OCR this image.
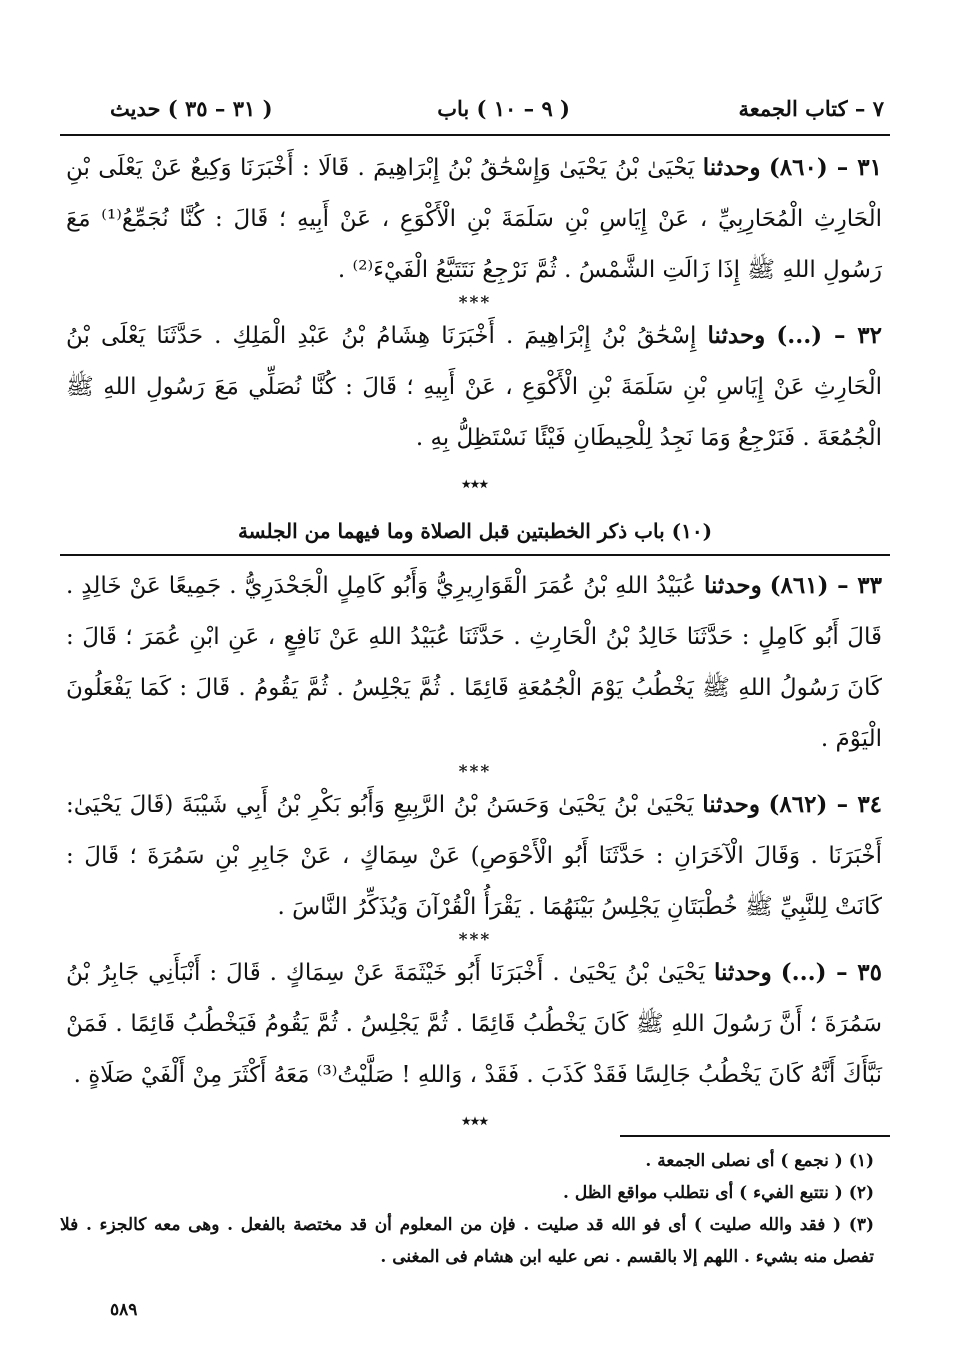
٧ – كتاب الجمعة
( ٩ – ١٠ ) باب
( ٣١ – ٣٥ ) حديث

٣١ – (٨٦٠) وحدثنا يَحْيَىٰ بْنُ يَحْيَىٰ وَإِسْحَٰقُ بْنُ إِبْرَاهِيمَ . قَالَا : أَخْبَرَنَا وَكِيعٌ عَنْ يَعْلَى بْنِ الْحَارِثِ الْمُحَارِبِيِّ ، عَنْ إِيَاسِ بْنِ سَلَمَةَ بْنِ الْأَكْوَعِ ، عَنْ أَبِيهِ ؛ قَالَ : كُنَّا نُجَمِّعُ⁽¹⁾ مَعَ رَسُولِ اللهِ ﷺ إِذَا زَالَتِ الشَّمْسُ . ثُمَّ نَرْجِعُ نَتَتَبَّعُ الْفَيْءَ⁽²⁾ .

***

٣٢ – (...) وحدثنا إِسْحَٰقُ بْنُ إِبْرَاهِيمَ . أَخْبَرَنَا هِشَامُ بْنُ عَبْدِ الْمَلِكِ . حَدَّثَنَا يَعْلَى بْنُ الْحَارِثِ عَنْ إِيَاسِ بْنِ سَلَمَةَ بْنِ الْأَكْوَعِ ، عَنْ أَبِيهِ ؛ قَالَ : كُنَّا نُصَلِّي مَعَ رَسُولِ اللهِ ﷺ الْجُمُعَةَ . فَنَرْجِعُ وَمَا نَجِدُ لِلْحِيطَانِ فَيْئًا نَسْتَظِلُّ بِهِ .

٭٭٭
(١٠) باب ذكر الخطبتين قبل الصلاة وما فيهما من الجلسة

٣٣ – (٨٦١) وحدثنا عُبَيْدُ اللهِ بْنُ عُمَرَ الْقَوَارِيرِيُّ وَأَبُو كَامِلٍ الْجَحْدَرِيُّ . جَمِيعًا عَنْ خَالِدٍ . قَالَ أَبُو كَامِلٍ : حَدَّثَنَا خَالِدُ بْنُ الْحَارِثِ . حَدَّثَنَا عُبَيْدُ اللهِ عَنْ نَافِعٍ ، عَنِ ابْنِ عُمَرَ ؛ قَالَ : كَانَ رَسُولُ اللهِ ﷺ يَخْطُبُ يَوْمَ الْجُمُعَةِ قَائِمًا . ثُمَّ يَجْلِسُ . ثُمَّ يَقُومُ . قَالَ : كَمَا يَفْعَلُونَ الْيَوْمَ .

***

٣٤ – (٨٦٢) وحدثنا يَحْيَىٰ بْنُ يَحْيَىٰ وَحَسَنُ بْنُ الرَّبِيعِ وَأَبُو بَكْرِ بْنُ أَبِي شَيْبَةَ (قَالَ يَحْيَىٰ: أَخْبَرَنَا . وَقَالَ الْآخَرَانِ : حَدَّثَنَا أَبُو الْأَحْوَصِ) عَنْ سِمَاكٍ ، عَنْ جَابِرِ بْنِ سَمُرَةَ ؛ قَالَ : كَانَتْ لِلنَّبِيِّ ﷺ خُطْبَتَانِ يَجْلِسُ بَيْنَهُمَا . يَقْرَأُ الْقُرْآنَ وَيُذَكِّرُ النَّاسَ .

***

٣٥ – (...) وحدثنا يَحْيَىٰ بْنُ يَحْيَىٰ . أَخْبَرَنَا أَبُو خَيْثَمَةَ عَنْ سِمَاكٍ . قَالَ : أَنْبَأَنِي جَابِرُ بْنُ سَمُرَةَ ؛ أَنَّ رَسُولَ اللهِ ﷺ كَانَ يَخْطُبُ قَائِمًا . ثُمَّ يَجْلِسُ . ثُمَّ يَقُومُ فَيَخْطُبُ قَائِمًا . فَمَنْ نَبَّأَكَ أَنَّهُ كَانَ يَخْطُبُ جَالِسًا فَقَدْ كَذَبَ . فَقَدْ ، وَاللهِ ! صَلَّيْتُ⁽³⁾ مَعَهُ أَكْثَرَ مِنْ أَلْفَيْ صَلَاةٍ .

٭٭٭

(١) ( نجمع ) أى نصلى الجمعة .

(٢) ( نتتبع الفيء ) أى نتطلب مواقع الظل .

(٣) ( فقد والله صليت ) أى فو الله قد صليت . فإن من المعلوم أن قد مختصة بالفعل . وهى معه كالجزء . فلا تفصل منه بشيء . اللهم إلا بالقسم . نص عليه ابن هشام فى المغنى .

٥٨٩
